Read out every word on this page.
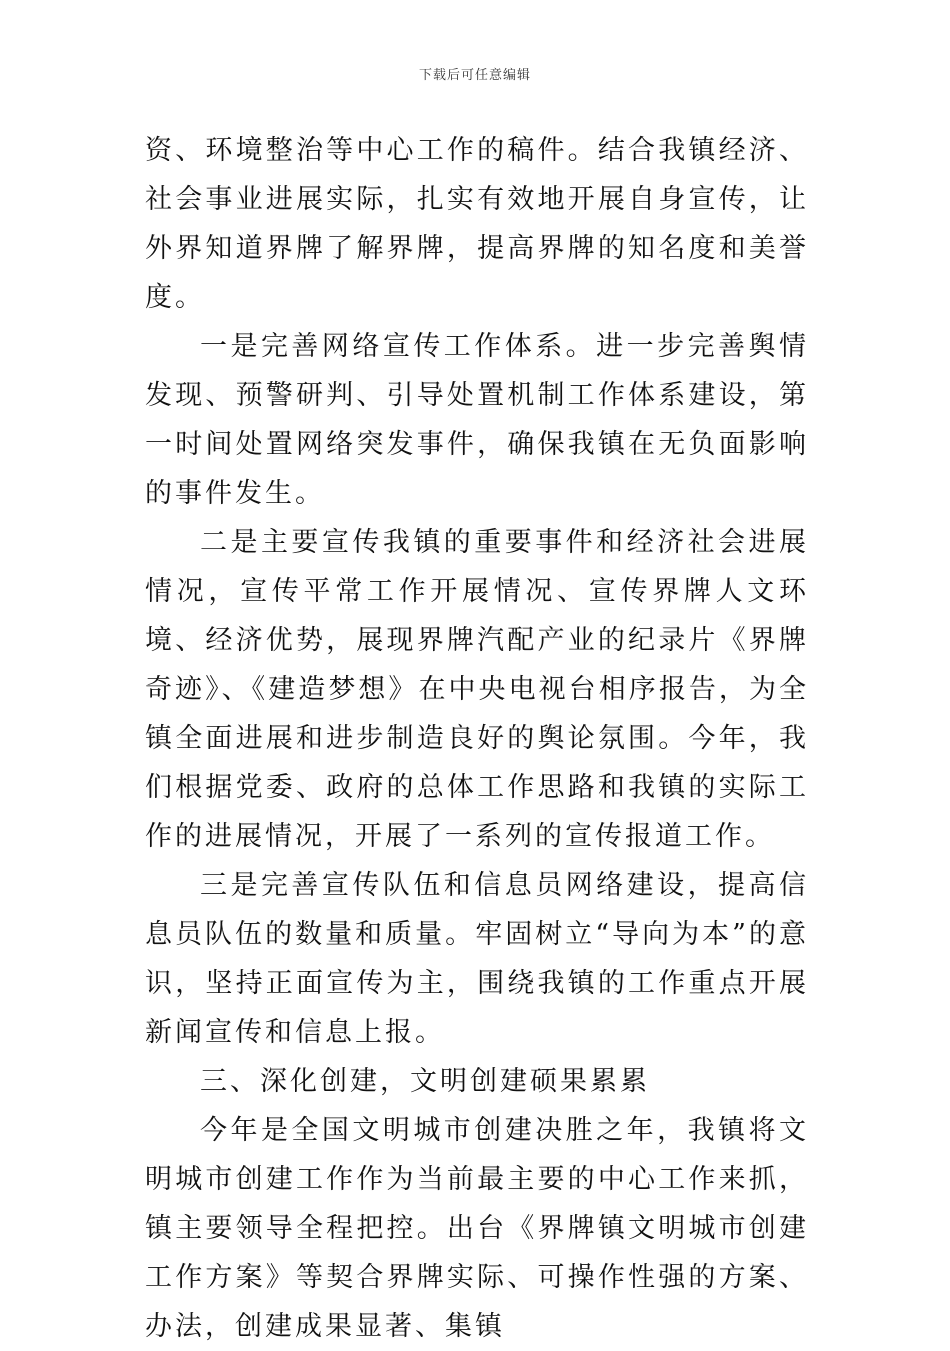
下载后可任意编辑

资、环境整治等中心工作的稿件。结合我镇经济、社会事业进展实际，扎实有效地开展自身宣传，让外界知道界牌了解界牌，提高界牌的知名度和美誉度。

一是完善网络宣传工作体系。进一步完善舆情发现、预警研判、引导处置机制工作体系建设，第一时间处置网络突发事件，确保我镇在无负面影响的事件发生。

二是主要宣传我镇的重要事件和经济社会进展情况，宣传平常工作开展情况、宣传界牌人文环境、经济优势，展现界牌汽配产业的纪录片《界牌奇迹》、《建造梦想》在中央电视台相序报告，为全镇全面进展和进步制造良好的舆论氛围。今年，我们根据党委、政府的总体工作思路和我镇的实际工作的进展情况，开展了一系列的宣传报道工作。

三是完善宣传队伍和信息员网络建设，提高信息员队伍的数量和质量。牢固树立“导向为本”的意识，坚持正面宣传为主，围绕我镇的工作重点开展新闻宣传和信息上报。

三、深化创建，文明创建硕果累累

今年是全国文明城市创建决胜之年，我镇将文明城市创建工作作为当前最主要的中心工作来抓，镇主要领导全程把控。出台《界牌镇文明城市创建工作方案》等契合界牌实际、可操作性强的方案、办法，创建成果显著、集镇
